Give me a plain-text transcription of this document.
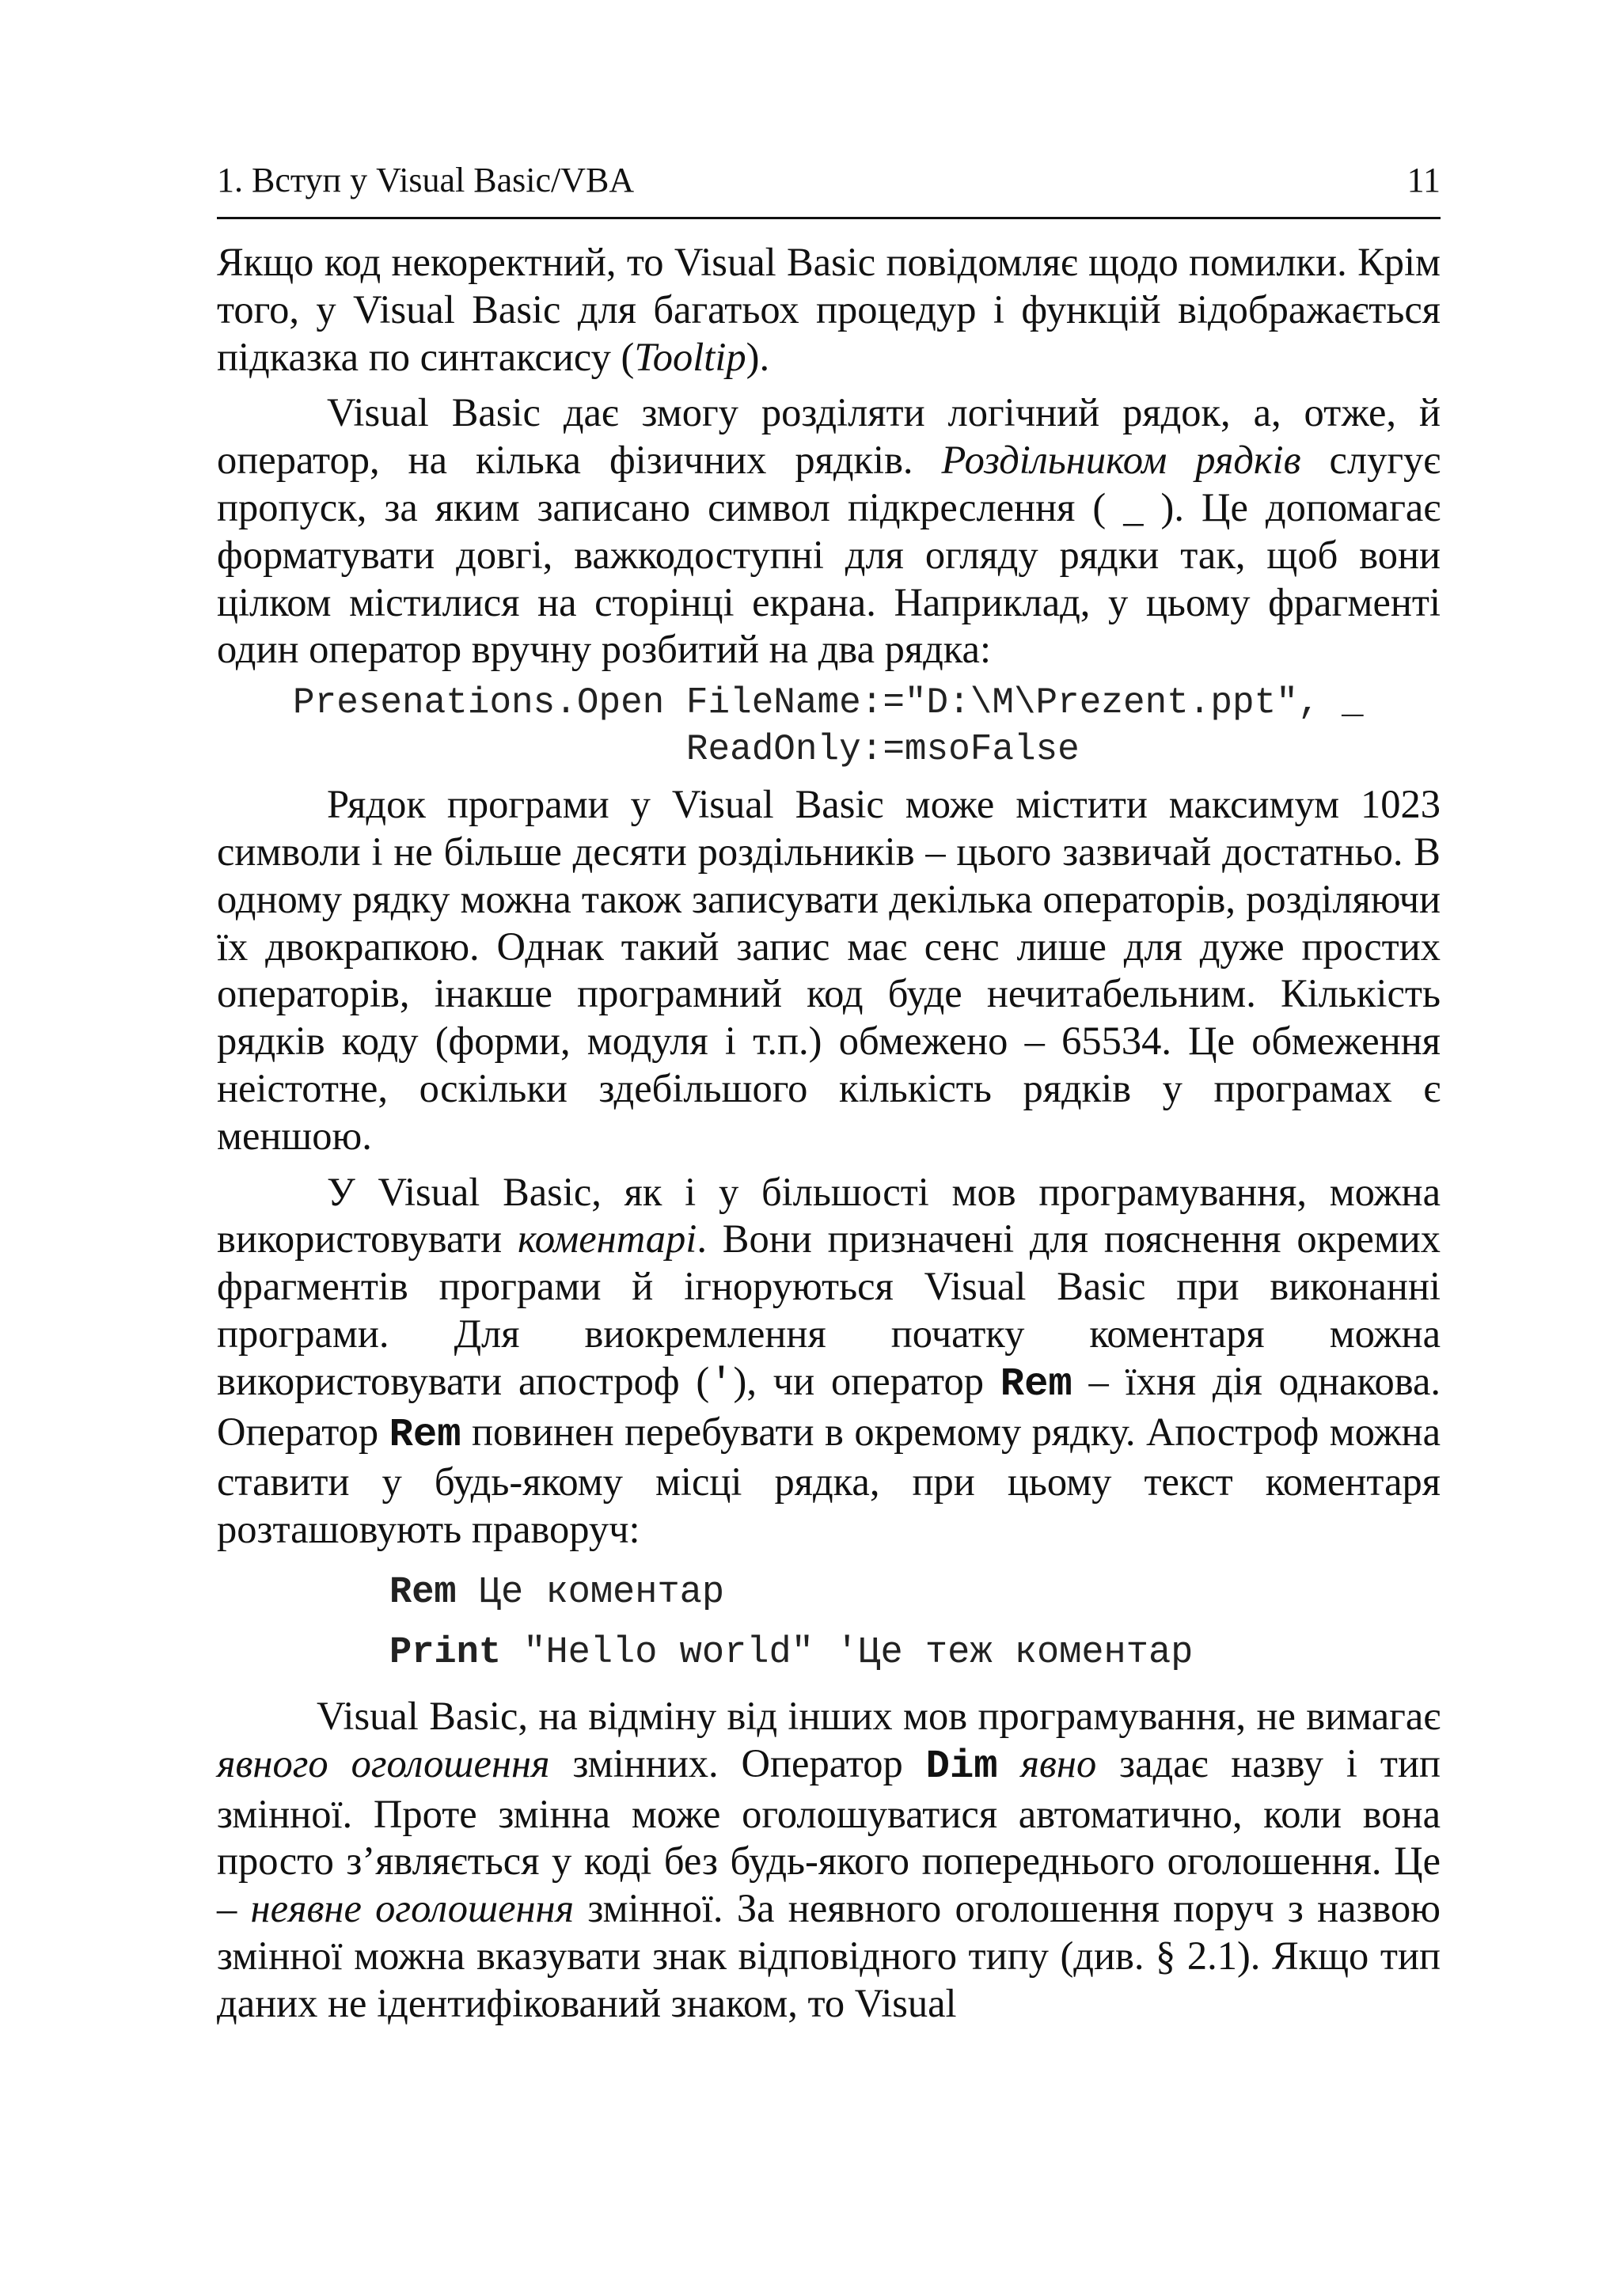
1. Вступ у Visual Basic/VBA	11

Якщо код некоректний, то Visual Basic повідомляє щодо помилки. Крім того, у Visual Basic для багатьох процедур і функцій відображається підказка по синтаксису (Tooltip).

Visual Basic дає змогу розділяти логічний рядок, а, отже, й оператор, на кілька фізичних рядків. Роздільником рядків слугує пропуск, за яким записано символ підкреслення ( _ ). Це допомагає форматувати довгі, важкодоступні для огляду рядки так, щоб вони цілком містилися на сторінці екрана. Наприклад, у цьому фрагменті один оператор вручну розбитий на два рядка:

Presenations.Open FileName:="D:\M\Prezent.ppt", _
ReadOnly:=msoFalse

Рядок програми у Visual Basic може містити максимум 1023 символи і не більше десяти роздільників – цього зазвичай достатньо. В одному рядку можна також записувати декілька операторів, розділяючи їх двокрапкою. Однак такий запис має сенс лише для дуже простих операторів, інакше програмний код буде нечитабельним. Кількість рядків коду (форми, модуля і т.п.) обмежено – 65534. Це обмеження неістотне, оскільки здебільшого кількість рядків у програмах є меншою.

У Visual Basic, як і у більшості мов програмування, можна використовувати коментарі. Вони призначені для пояснення окремих фрагментів програми й ігноруються Visual Basic при виконанні програми. Для виокремлення початку коментаря можна використовувати апостроф ('), чи оператор Rem – їхня дія однакова. Оператор Rem повинен перебувати в окремому рядку. Апостроф можна ставити у будь-якому місці рядка, при цьому текст коментаря розташовують праворуч:

Rem Це коментар
Print "Hello world" 'Це теж коментар

Visual Basic, на відміну від інших мов програмування, не вимагає явного оголошення змінних. Оператор Dim явно задає назву і тип змінної. Проте змінна може оголошуватися автоматично, коли вона просто з’являється у коді без будь-якого попереднього оголошення. Це – неявне оголошення змінної. За неявного оголошення поруч з назвою змінної можна вказувати знак відповідного типу (див. § 2.1). Якщо тип даних не ідентифікований знаком, то Visual
